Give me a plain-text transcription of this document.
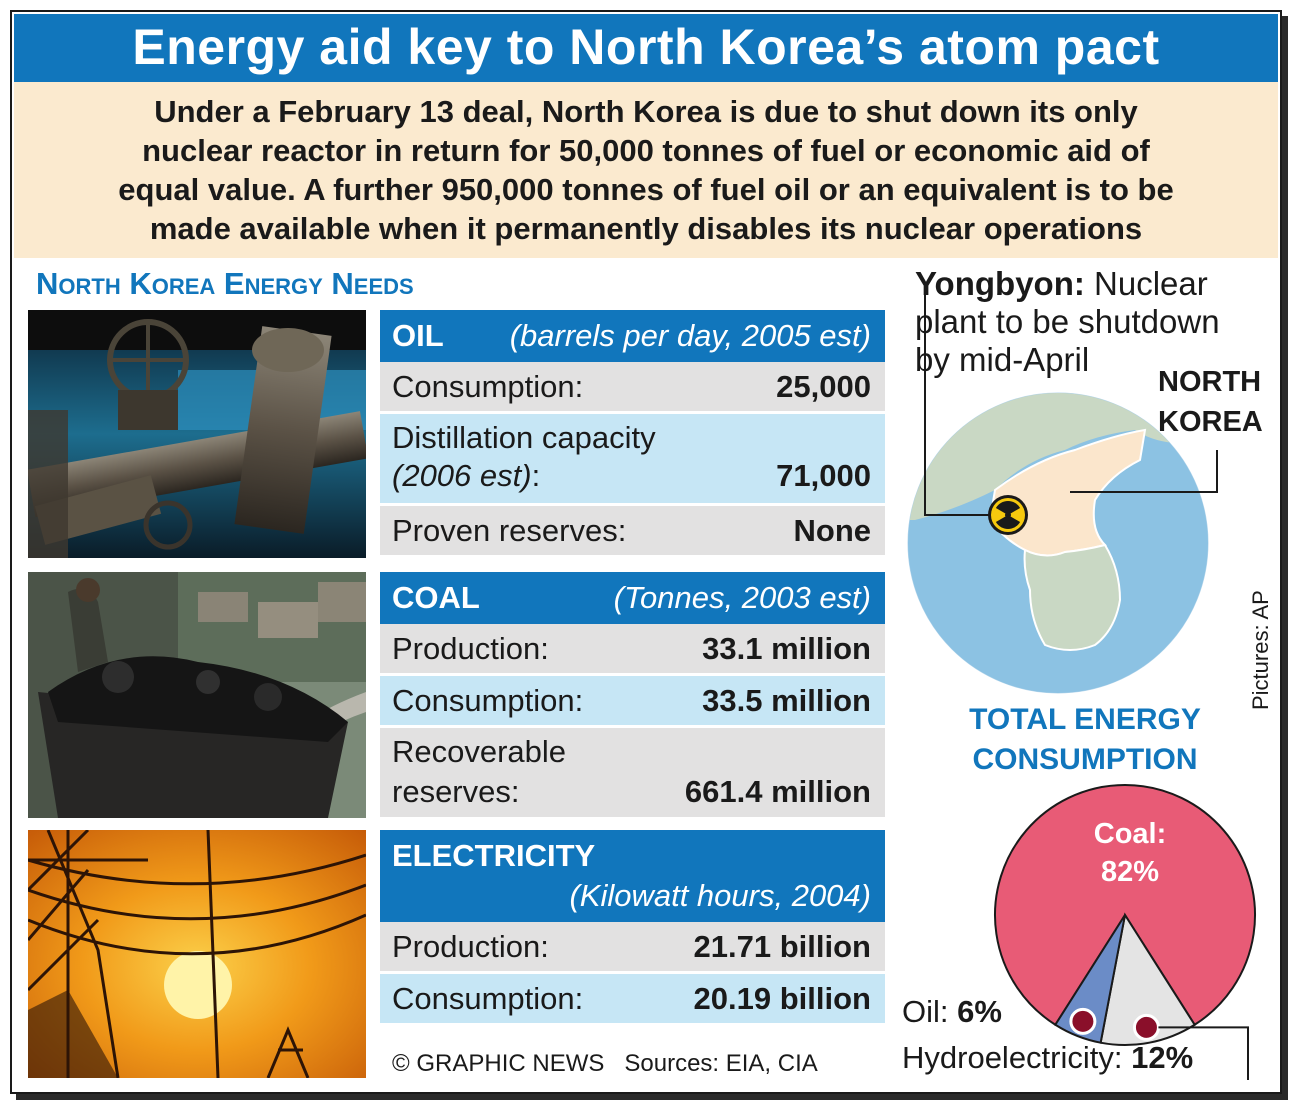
Energy aid key to North Korea’s atom pact
Under a February 13 deal, North Korea is due to shut down its only
nuclear reactor in return for 50,000 tonnes of fuel or economic aid of
equal value. A further 950,000 tonnes of fuel oil or an equivalent is to be
made available when it permanently disables its nuclear operations
North Korea Energy Needs
OIL (barrels per day, 2005 est)
Consumption:	25,000
Distillation capacity
(2006 est):	71,000
Proven reserves:	None
COAL	(Tonnes, 2003 est)
Production:	33.1 million
Consumption:	33.5 million
Recoverable
reserves:	661.4 million
ELECTRICITY
(Kilowatt hours, 2004)
Production:	21.71 billion
Consumption:	20.19 billion
© GRAPHIC NEWS   Sources: EIA, CIA
Yongbyon: Nuclear
plant to be shutdown
by mid-April
NORTH
KOREA
Pictures: AP
TOTAL ENERGY CONSUMPTION
Coal:
82%
Oil: 6%
Hydroelectricity: 12%
